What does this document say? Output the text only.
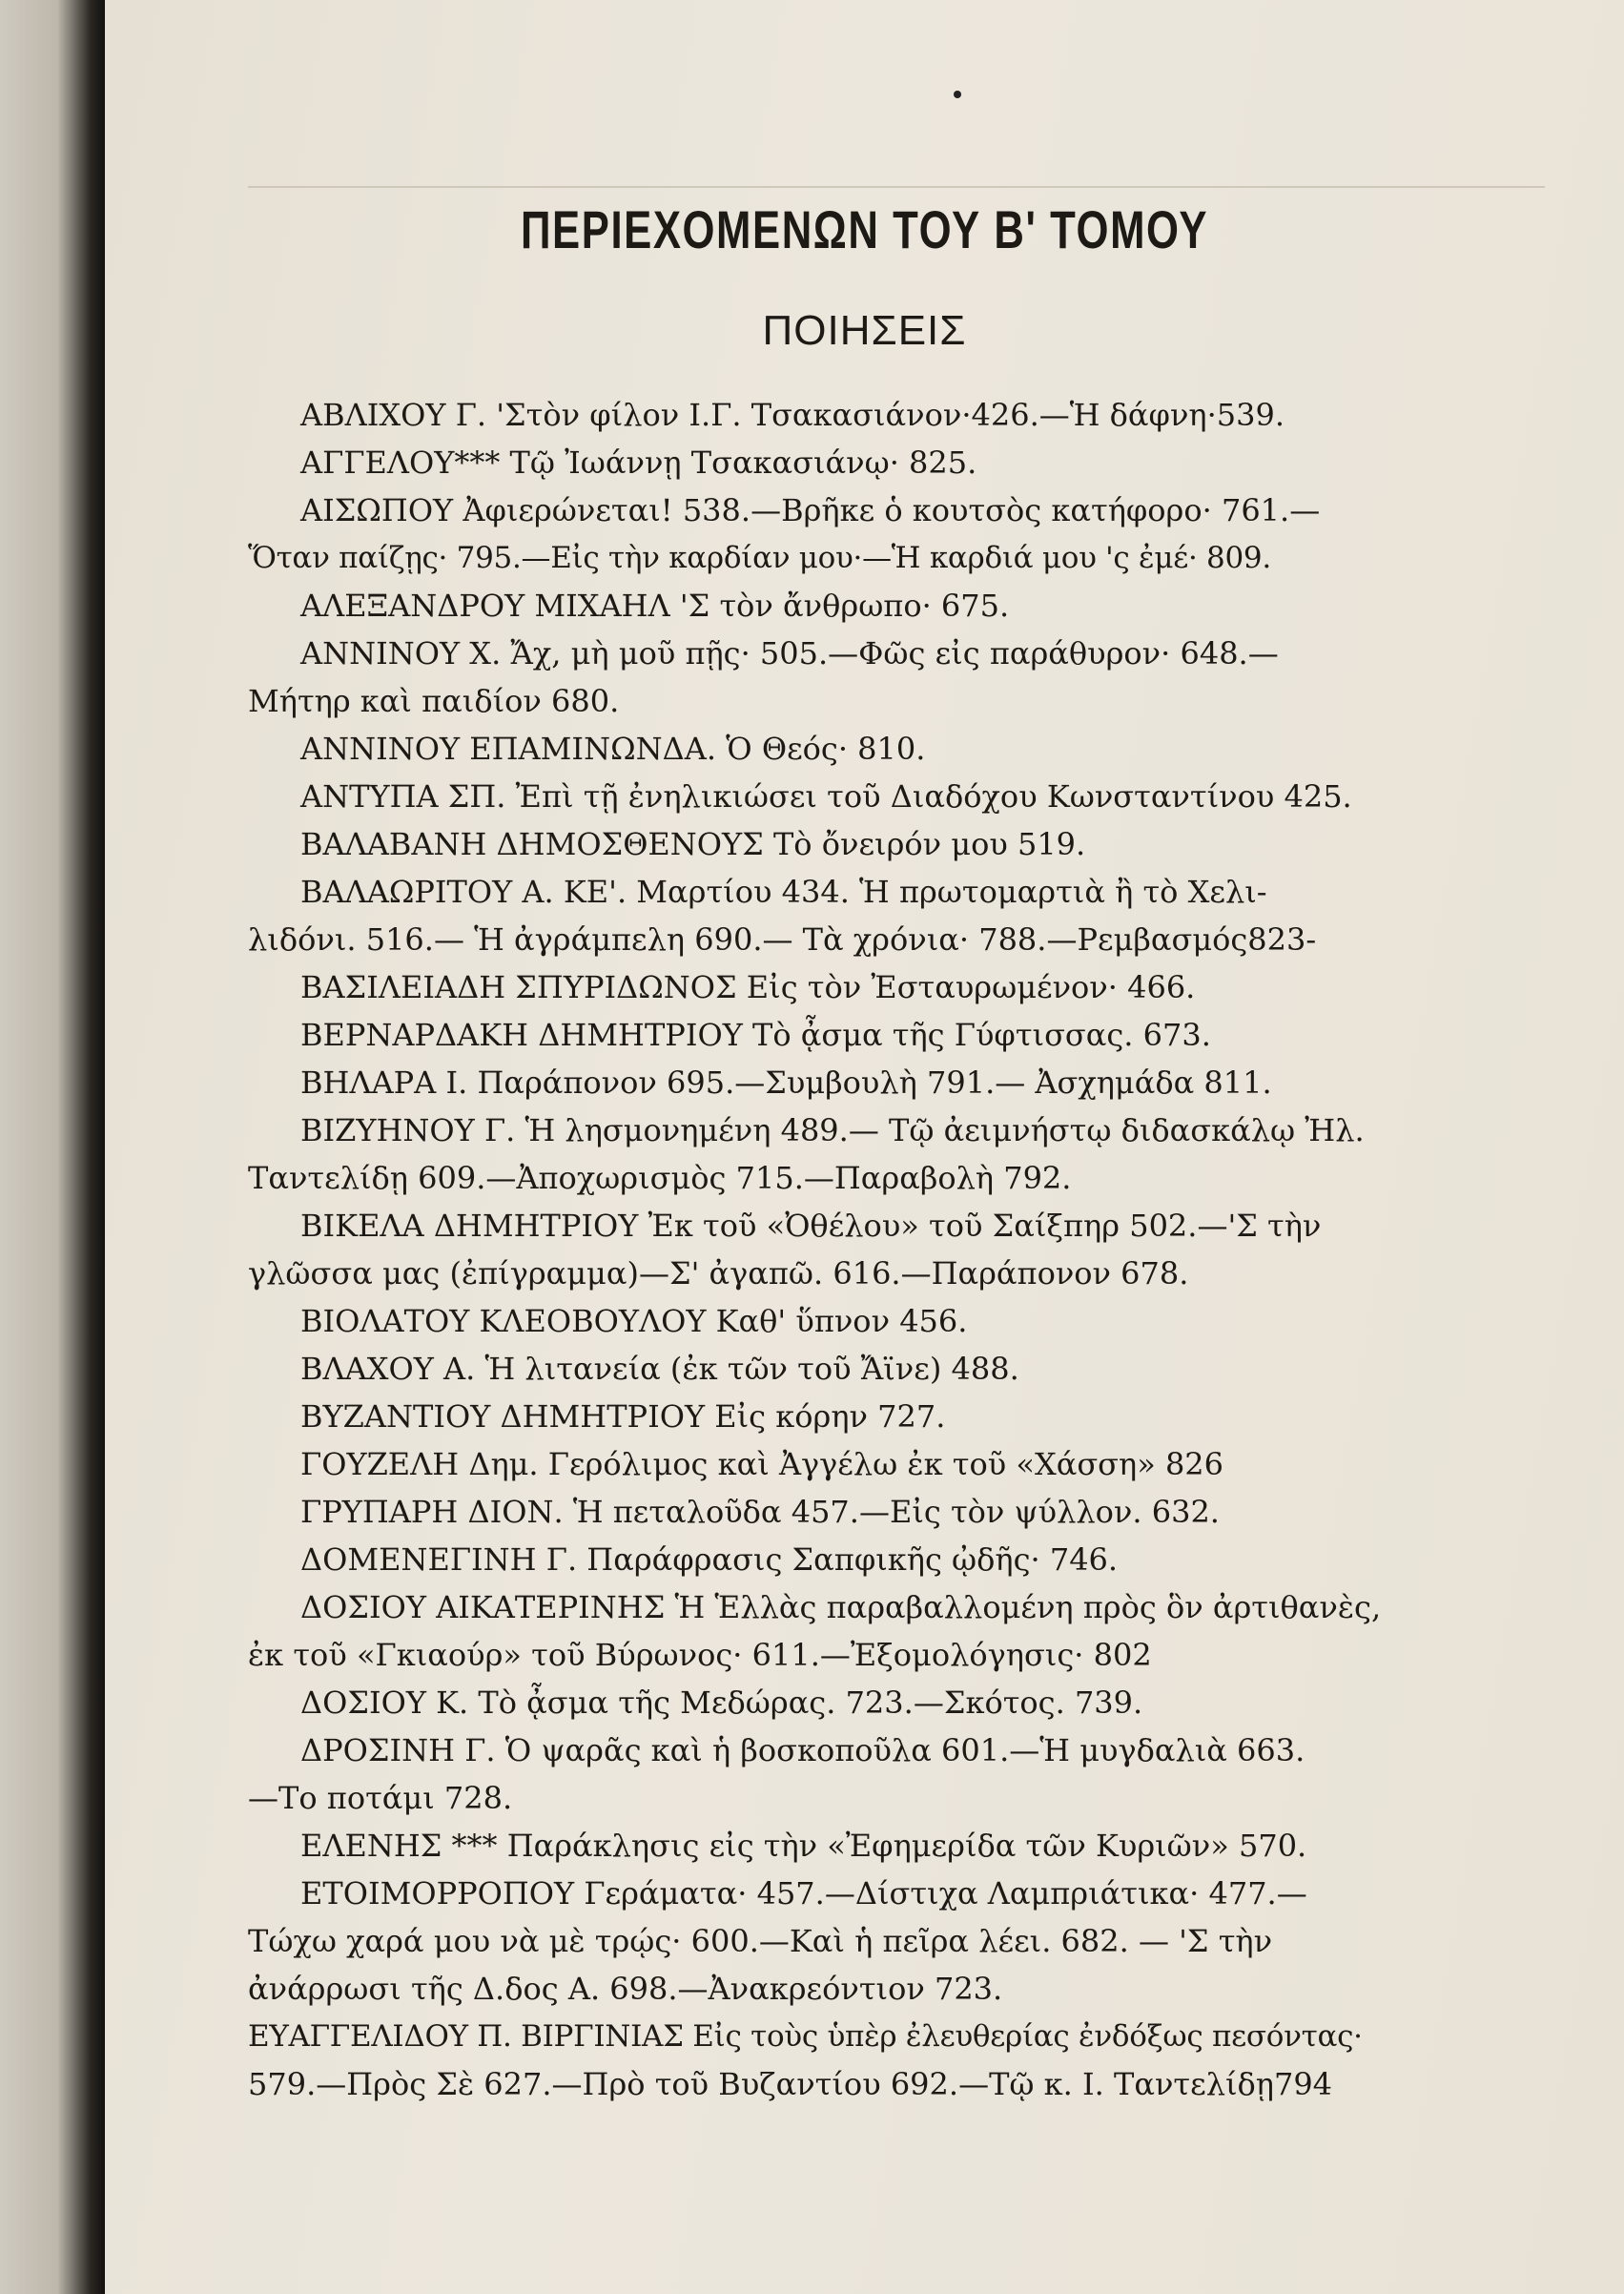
ΠΕΡΙΕΧΟΜΕΝΩΝ ΤΟΥ Β' ΤΟΜΟΥ
ΠΟΙΗΣΕΙΣ
ΑΒΛΙΧΟΥ Γ. 'Στὸν φίλον Ι.Γ. Τσακασιάνον·426.—Ἡ δάφνη·539.
ΑΓΓΕΛΟΥ*** Τῷ Ἰωάννῃ Τσακασιάνῳ· 825.
ΑΙΣΩΠΟΥ Ἀφιερώνεται! 538.—Βρῆκε ὁ κουτσὸς κατήφορο· 761.—
Ὅταν παίζῃς· 795.—Εἰς τὴν καρδίαν μου·—Ἡ καρδιά μου 'ς ἐμέ· 809.
ΑΛΕΞΑΝΔΡΟΥ ΜΙΧΑΗΛ 'Σ τὸν ἄνθρωπο· 675.
ΑΝΝΙΝΟΥ Χ. Ἄχ, μὴ μοῦ πῇς· 505.—Φῶς εἰς παράθυρον· 648.—
Μήτηρ καὶ παιδίον 680.
ΑΝΝΙΝΟΥ ΕΠΑΜΙΝΩΝΔΑ. Ὁ Θεός· 810.
ΑΝΤΥΠΑ ΣΠ. Ἐπὶ τῇ ἐνηλικιώσει τοῦ Διαδόχου Κωνσταντίνου 425.
ΒΑΛΑΒΑΝΗ ΔΗΜΟΣΘΕΝΟΥΣ Τὸ ὄνειρόν μου 519.
ΒΑΛΑΩΡΙΤΟΥ Α. ΚΕ'. Μαρτίου 434. Ἡ πρωτομαρτιὰ ἢ τὸ Χελι-
λιδόνι. 516.— Ἡ ἀγράμπελη 690.— Τὰ χρόνια· 788.—Ρεμβασμός823-
ΒΑΣΙΛΕΙΑΔΗ ΣΠΥΡΙΔΩΝΟΣ Εἰς τὸν Ἐσταυρωμένον· 466.
ΒΕΡΝΑΡΔΑΚΗ ΔΗΜΗΤΡΙΟΥ Τὸ ᾆσμα τῆς Γύφτισσας. 673.
ΒΗΛΑΡΑ Ι. Παράπονον 695.—Συμβουλὴ 791.— Ἀσχημάδα 811.
ΒΙΖΥΗΝΟΥ Γ. Ἡ λησμονημένη 489.— Τῷ ἀειμνήστῳ διδασκάλῳ Ἠλ.
Ταντελίδῃ 609.—Ἀποχωρισμὸς 715.—Παραβολὴ 792.
ΒΙΚΕΛΑ ΔΗΜΗΤΡΙΟΥ Ἐκ τοῦ «Ὀθέλου» τοῦ Σαίξπηρ 502.—'Σ τὴν
γλῶσσα μας (ἐπίγραμμα)—Σ' ἀγαπῶ. 616.—Παράπονον 678.
ΒΙΟΛΑΤΟΥ ΚΛΕΟΒΟΥΛΟΥ Καθ' ὕπνον 456.
ΒΛΑΧΟΥ Α. Ἡ λιτανεία (ἐκ τῶν τοῦ Ἄϊνε) 488.
ΒΥΖΑΝΤΙΟΥ ΔΗΜΗΤΡΙΟΥ Εἰς κόρην 727.
ΓΟΥΖΕΛΗ Δημ. Γερόλιμος καὶ Ἀγγέλω ἐκ τοῦ «Χάσση» 826
ΓΡΥΠΑΡΗ ΔΙΟΝ. Ἡ πεταλοῦδα 457.—Εἰς τὸν ψύλλον. 632.
ΔΟΜΕΝΕΓΙΝΗ Γ. Παράφρασις Σαπφικῆς ᾠδῆς· 746.
ΔΟΣΙΟΥ ΑΙΚΑΤΕΡΙΝΗΣ Ἡ Ἑλλὰς παραβαλλομένη πρὸς ὃν ἀρτιθανὲς,
ἐκ τοῦ «Γκιαούρ» τοῦ Βύρωνος· 611.—Ἐξομολόγησις· 802
ΔΟΣΙΟΥ Κ. Τὸ ᾆσμα τῆς Μεδώρας. 723.—Σκότος. 739.
ΔΡΟΣΙΝΗ Γ. Ὁ ψαρᾶς καὶ ἡ βοσκοποῦλα 601.—Ἡ μυγδαλιὰ 663.
—Το ποτάμι 728.
ΕΛΕΝΗΣ *** Παράκλησις εἰς τὴν «Ἐφημερίδα τῶν Κυριῶν» 570.
ΕΤΟΙΜΟΡΡΟΠΟΥ Γεράματα· 457.—Δίστιχα Λαμπριάτικα· 477.—
Τώχω χαρά μου νὰ μὲ τρῴς· 600.—Καὶ ἡ πεῖρα λέει. 682. — 'Σ τὴν
ἀνάρρωσι τῆς Δ.δος Α. 698.—Ἀνακρεόντιον 723.
ΕΥΑΓΓΕΛΙΔΟΥ Π. ΒΙΡΓΙΝΙΑΣ Εἰς τοὺς ὑπὲρ ἐλευθερίας ἐνδόξως πεσόντας·
579.—Πρὸς Σὲ 627.—Πρὸ τοῦ Βυζαντίου 692.—Τῷ κ. Ι. Ταντελίδῃ794
